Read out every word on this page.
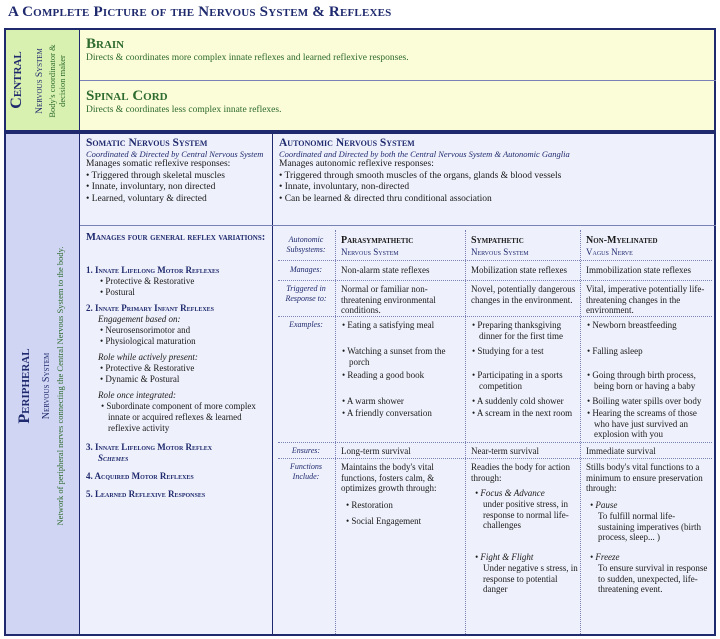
A Complete Picture of the Nervous System & Reflexes
Central Nervous System Body's coordinator & decision maker
Brain
Directs & coordinates more complex innate reflexes and learned reflexive responses.
Spinal Cord
Directs & coordinates less complex innate reflexes.
Peripheral Nervous System Network of peripheral nerves connecting the Central Nervous System to the body.
Somatic Nervous System
Coordinated & Directed by Central Nervous System
Manages somatic reflexive responses:
• Triggered through skeletal muscles
• Innate, involuntary, non directed
• Learned, voluntary & directed
Manages four general reflex variations:
1. Innate Lifelong Motor Reflexes
• Protective & Restorative
• Postural
2. Innate Primary Infant Reflexes
Engagement based on:
• Neurosensorimotor and
• Physiological maturation
Role while actively present:
• Protective & Restorative
• Dynamic & Postural
Role once integrated:
• Subordinate component of more complex innate or acquired reflexes & learned reflexive activity
3. Innate Lifelong Motor Reflex
Schemes
4. Acquired Motor Reflexes
5. Learned Reflexive Responses
Autonomic Nervous System
Coordinated and Directed by both the Central Nervous System & Autonomic Ganglia
Manages autonomic reflexive responses:
• Triggered through smooth muscles of the organs, glands & blood vessels
• Innate, involuntary, non-directed
• Can be learned & directed thru conditional association
Autonomic Subsystems:
Manages:
Triggered in Response to:
Examples:
Ensures:
Functions Include:
Parasympathetic
Nervous System
Non-alarm state reflexes
Normal or familiar non-threatening environmental conditions.
• Eating a satisfying meal
• Watching a sunset from the porch
• Reading a good book
• A warm shower
• A friendly conversation
Long-term survival
Maintains the body's vital functions, fosters calm, & optimizes growth through:
• Restoration
• Social Engagement
Sympathetic
Nervous System
Mobilization state reflexes
Novel, potentially dangerous changes in the environment.
• Preparing thanksgiving dinner for the first time
• Studying for a test
• Participating in a sports competition
• A suddenly cold shower
• A scream in the next room
Near-term survival
Readies the body for action through:
• Focus & Advance
under positive stress, in response to normal life-challenges
• Fight & Flight
Under negative s stress, in response to potential danger
Non-Myelinated
Vagus Nerve
Immobilization state reflexes
Vital, imperative potentially life-threatening changes in the environment.
• Newborn breastfeeding
• Falling asleep
• Going through birth process, being born or having a baby
• Boiling water spills over body
• Hearing the screams of those who have just survived an explosion with you
Immediate survival
Stills body's vital functions to a minimum to ensure preservation through:
• Pause
To fulfill normal life-sustaining imperatives (birth process, sleep... )
• Freeze
To ensure survival in response to sudden, unexpected, life-threatening event.
